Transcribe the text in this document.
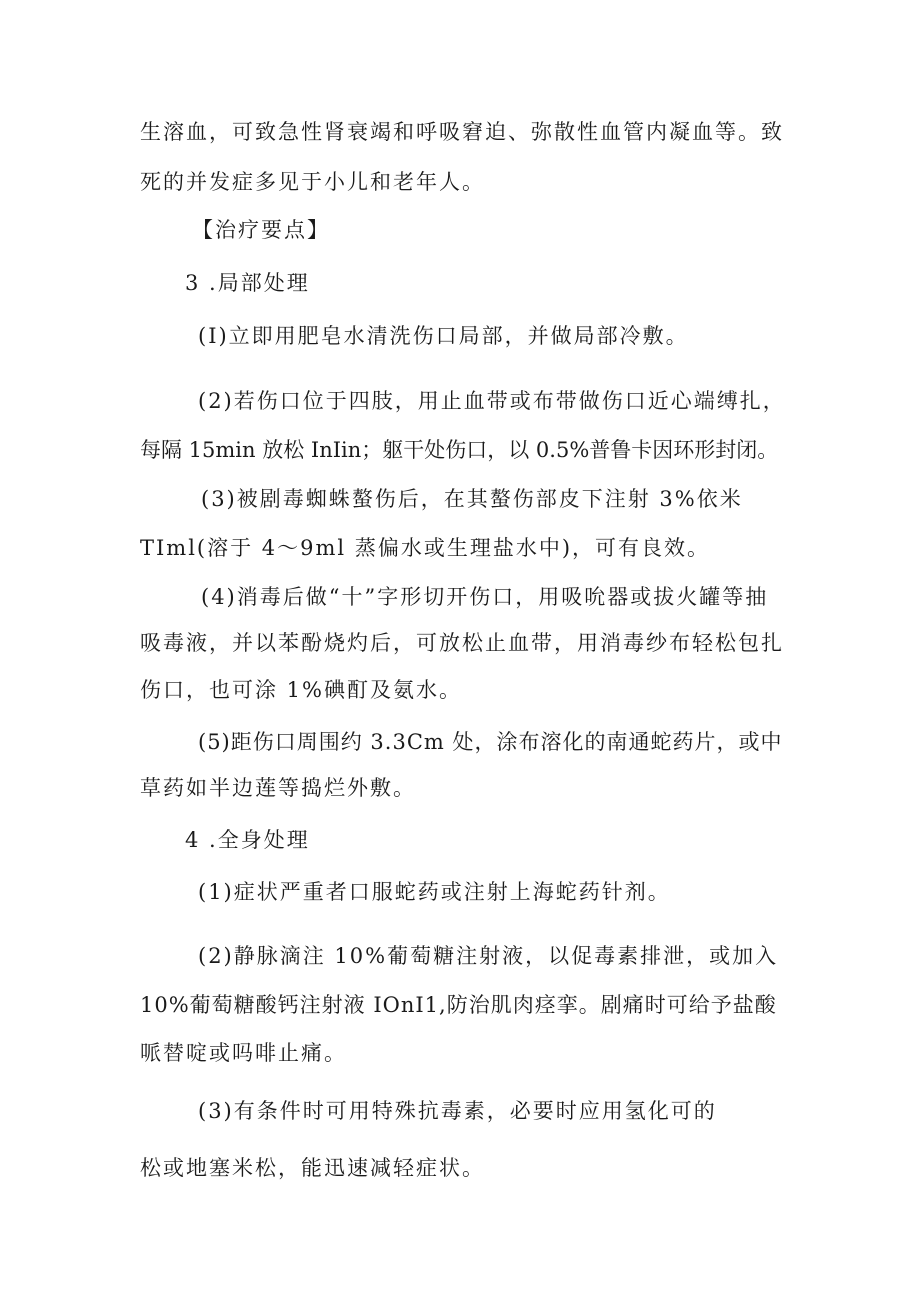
生溶血，可致急性肾衰竭和呼吸窘迫、弥散性血管内凝血等。致
死的并发症多见于小儿和老年人。
【治疗要点】
3 .局部处理
(I)立即用肥皂水清洗伤口局部，并做局部冷敷。
(2)若伤口位于四肢，用止血带或布带做伤口近心端缚扎，
每隔 15min 放松 InIin；躯干处伤口，以 0.5%普鲁卡因环形封闭。
(3)被剧毒蜘蛛螯伤后，在其螯伤部皮下注射 3%依米
TIml(溶于 4～9ml 蒸偏水或生理盐水中)，可有良效。
(4)消毒后做“十”字形切开伤口，用吸吮器或拔火罐等抽
吸毒液，并以苯酚烧灼后，可放松止血带，用消毒纱布轻松包扎
伤口，也可涂 1%碘酊及氨水。
(5)距伤口周围约 3.3Cm 处，涂布溶化的南通蛇药片，或中
草药如半边莲等捣烂外敷。
4 .全身处理
(1)症状严重者口服蛇药或注射上海蛇药针剂。
(2)静脉滴注 10%葡萄糖注射液，以促毒素排泄，或加入
10%葡萄糖酸钙注射液 IOnI1,防治肌肉痉挛。剧痛时可给予盐酸
哌替啶或吗啡止痛。
(3)有条件时可用特殊抗毒素，必要时应用氢化可的
松或地塞米松，能迅速减轻症状。
